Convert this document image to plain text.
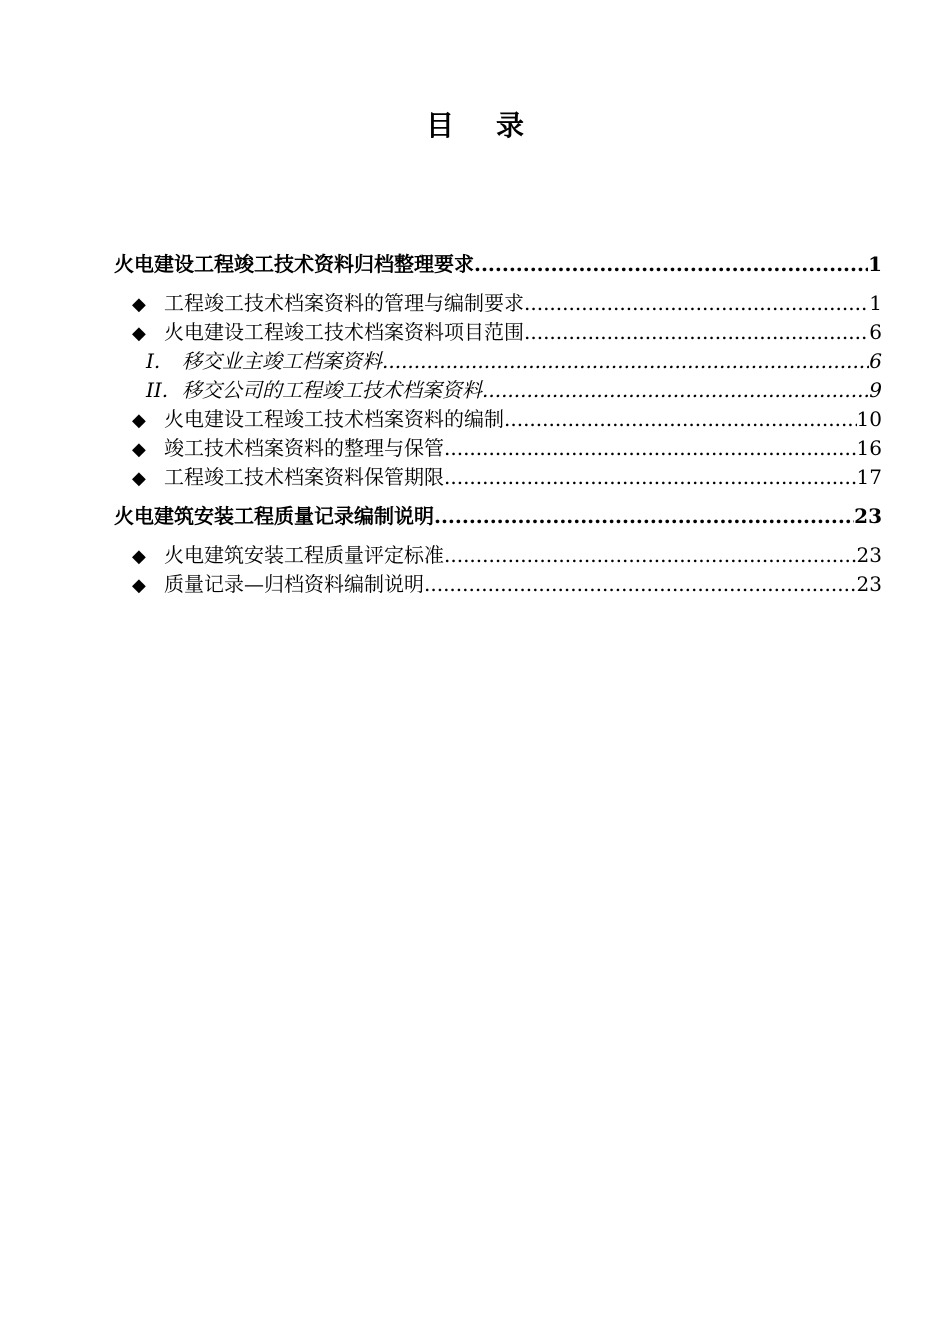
目录
火电建设工程竣工技术资料归档整理要求 .....	1
◆ 工程竣工技术档案资料的管理与编制要求 .....	1
◆ 火电建设工程竣工技术档案资料项目范围 .....	6
I.	移交业主竣工档案资料 .....	6
II. 移交公司的工程竣工技术档案资料 .....	9
◆ 火电建设工程竣工技术档案资料的编制 .....	10
◆ 竣工技术档案资料的整理与保管 .....	16
◆ 工程竣工技术档案资料保管期限 .....	17
火电建筑安装工程质量记录编制说明 .....	23
◆ 火电建筑安装工程质量评定标准 .....	23
◆ 质量记录—归档资料编制说明 .....	23
